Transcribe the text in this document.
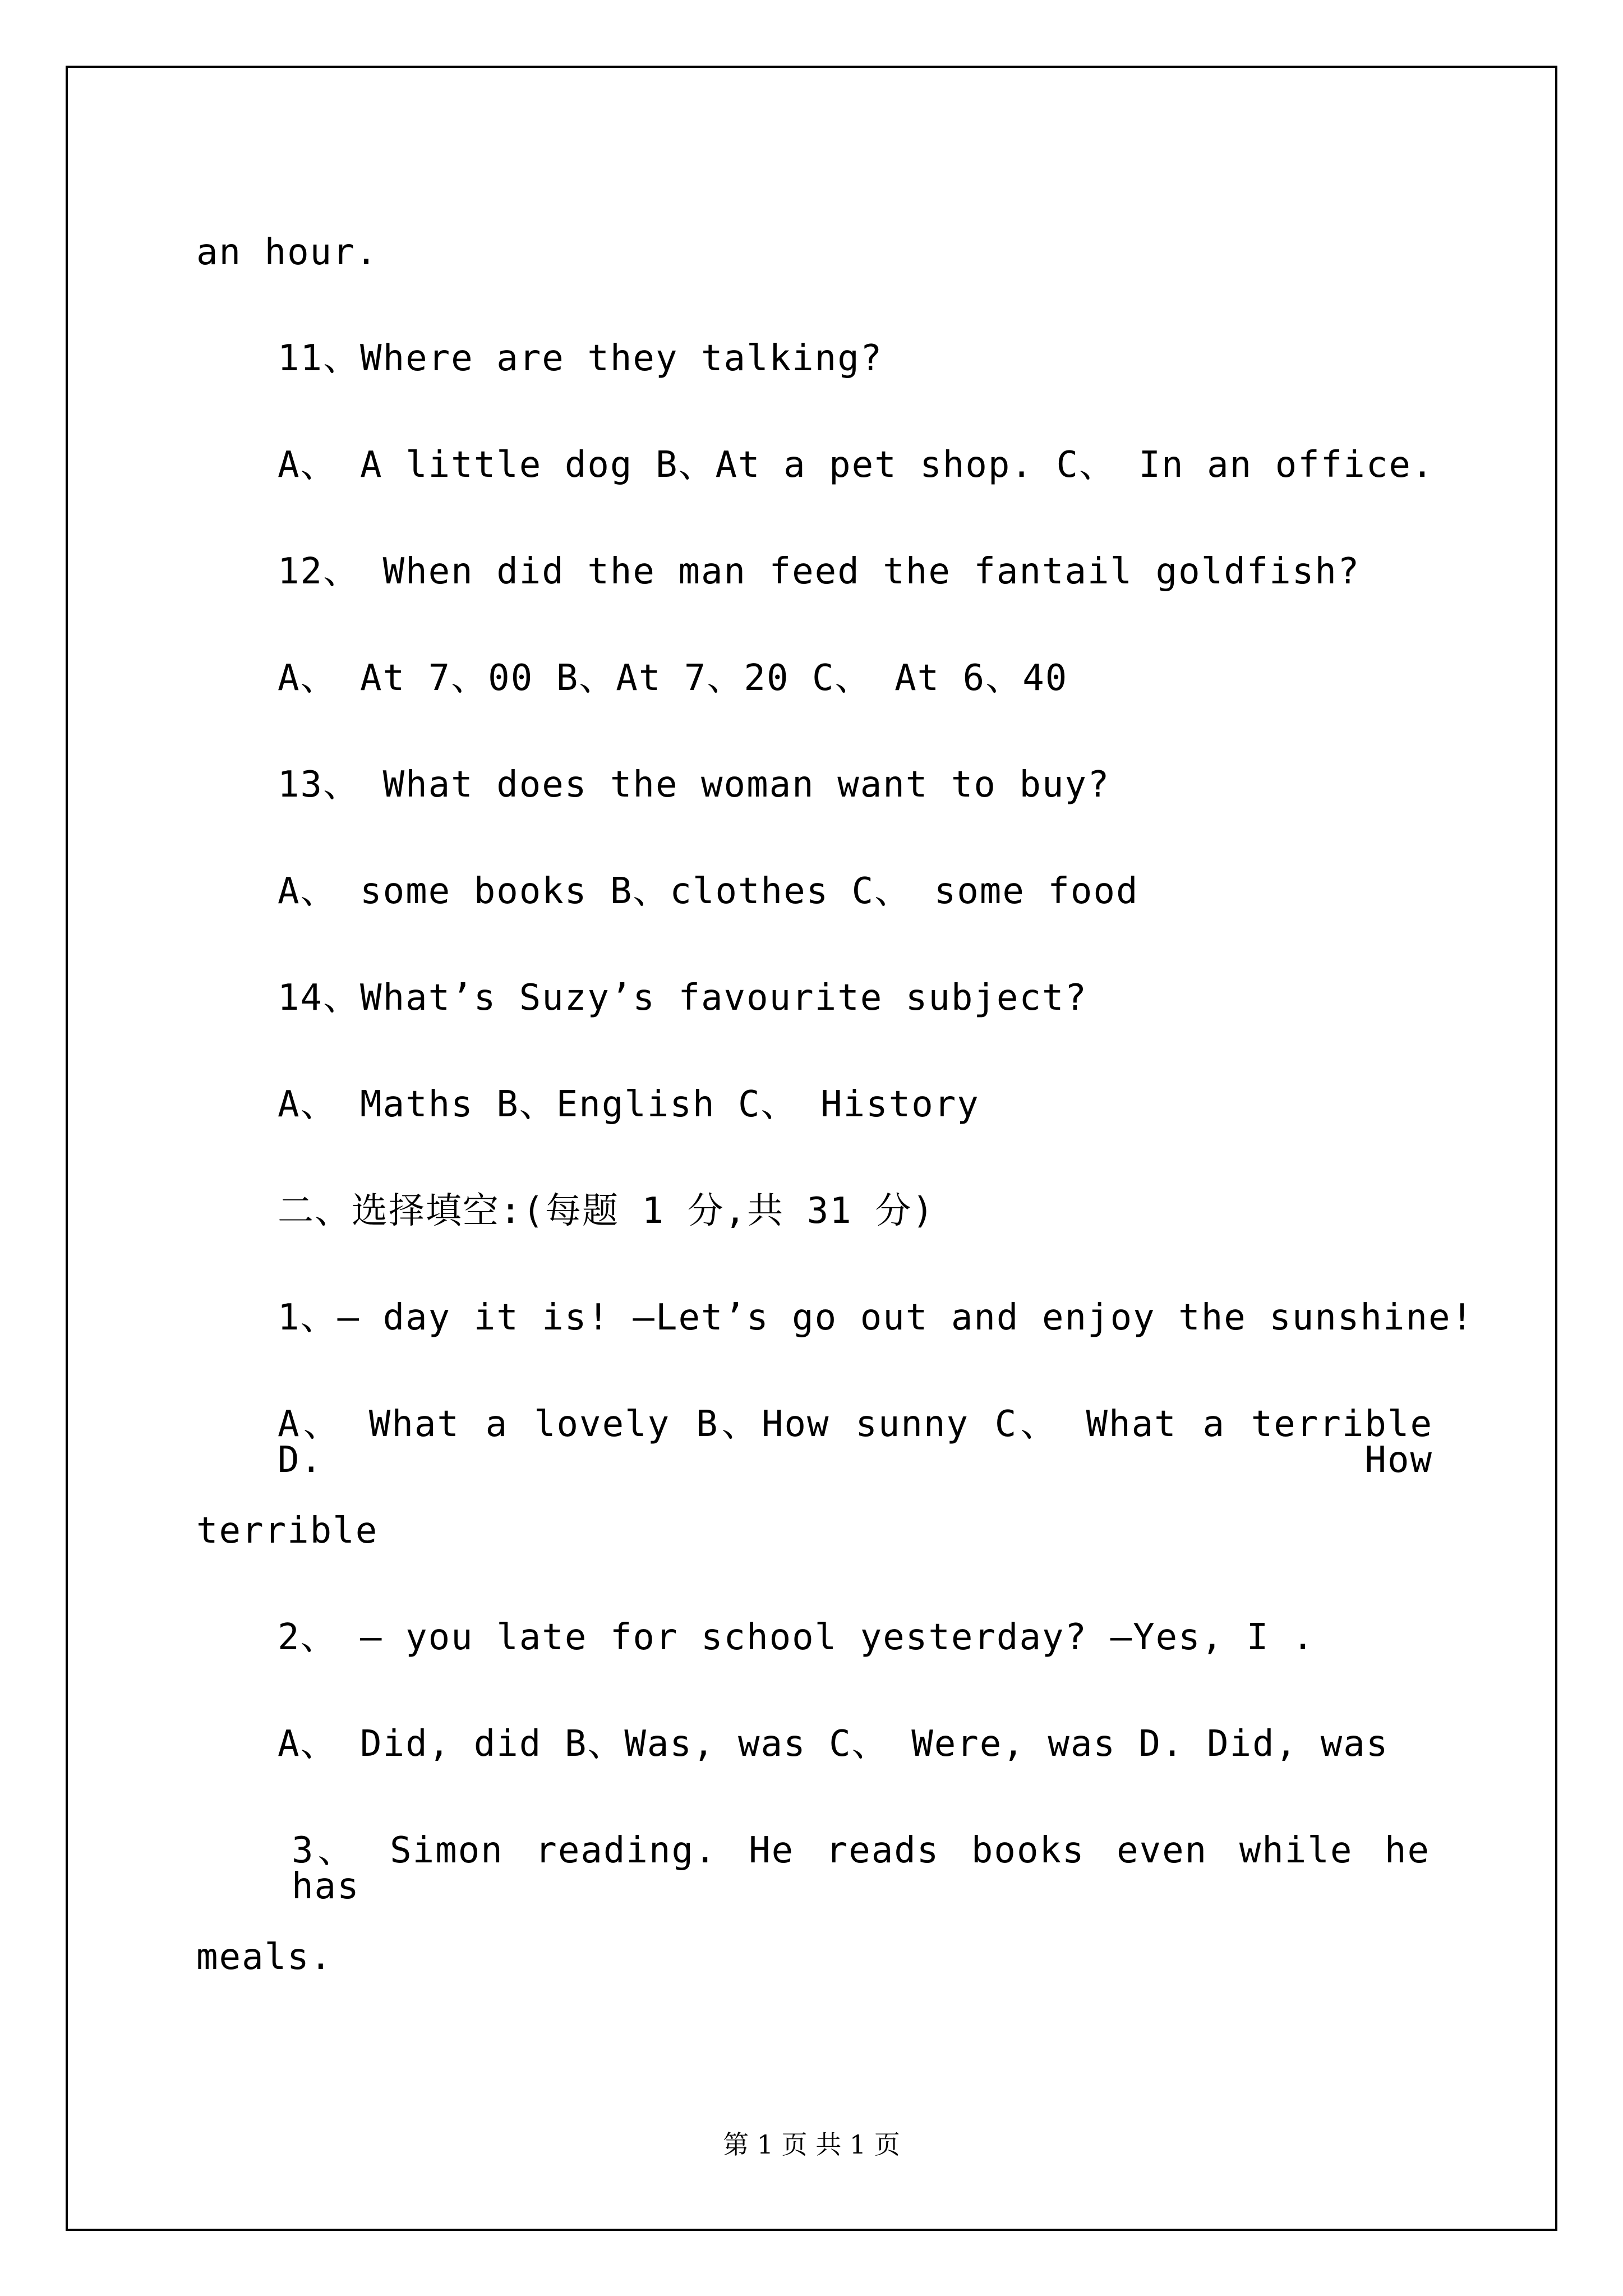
an hour.
11、Where are they talking?
A、 A little dog B、At a pet shop. C、 In an office.
12、 When did the man feed the fantail goldfish?
A、 At 7、00 B、At 7、20 C、 At 6、40
13、 What does the woman want to buy?
A、 some books B、clothes C、 some food
14、What’s Suzy’s favourite subject?
A、 Maths B、English C、 History
二、选择填空:(每题 1 分,共 31 分)
1、— day it is! —Let’s go out and enjoy the sunshine!
A、 What a lovely B、How sunny C、 What a terrible D. How
terrible
2、 — you late for school yesterday? —Yes, I .
A、 Did, did B、Was, was C、 Were, was D. Did, was
3、 Simon reading. He reads books even while he has
meals.
第 1 页 共 1 页
